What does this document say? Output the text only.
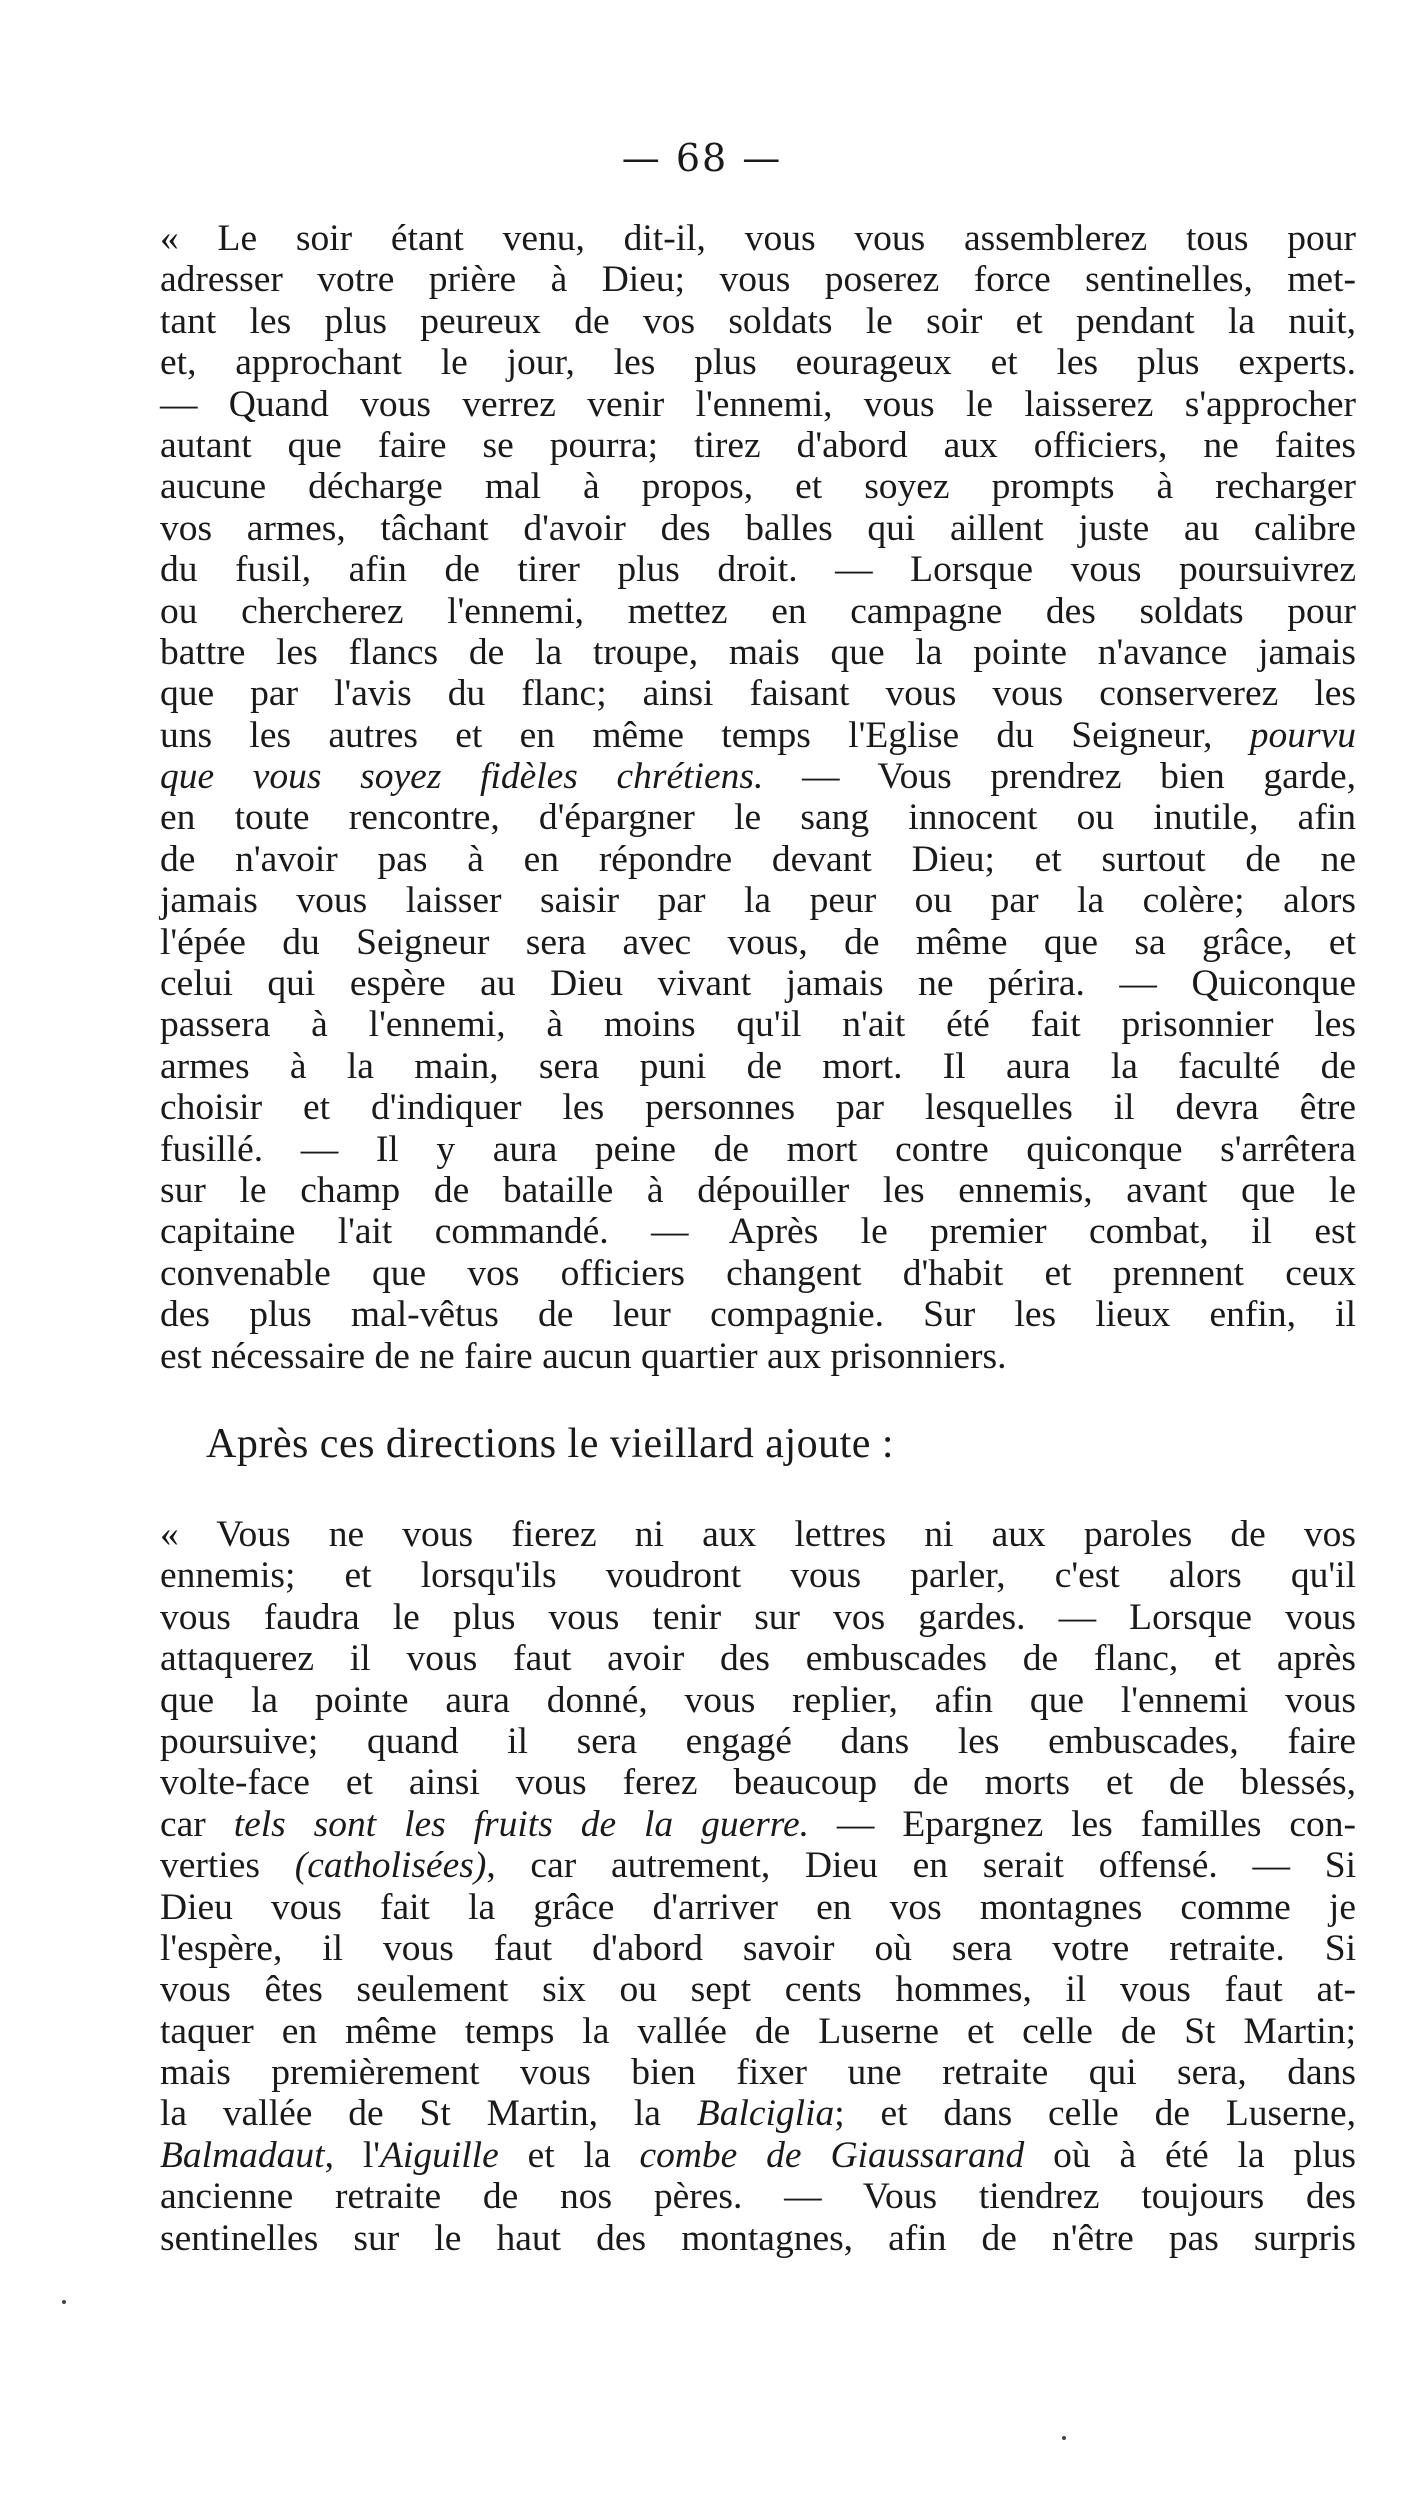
— 68 —
« Le soir étant venu, dit-il, vous vous assemblerez tous pour
adresser votre prière à Dieu; vous poserez force sentinelles, met-
tant les plus peureux de vos soldats le soir et pendant la nuit,
et, approchant le jour, les plus eourageux et les plus experts.
— Quand vous verrez venir l'ennemi, vous le laisserez s'approcher
autant que faire se pourra; tirez d'abord aux officiers, ne faites
aucune décharge mal à propos, et soyez prompts à recharger
vos armes, tâchant d'avoir des balles qui aillent juste au calibre
du fusil, afin de tirer plus droit. — Lorsque vous poursuivrez
ou chercherez l'ennemi, mettez en campagne des soldats pour
battre les flancs de la troupe, mais que la pointe n'avance jamais
que par l'avis du flanc; ainsi faisant vous vous conserverez les
uns les autres et en même temps l'Eglise du Seigneur, pourvu
que vous soyez fidèles chrétiens. — Vous prendrez bien garde,
en toute rencontre, d'épargner le sang innocent ou inutile, afin
de n'avoir pas à en répondre devant Dieu; et surtout de ne
jamais vous laisser saisir par la peur ou par la colère; alors
l'épée du Seigneur sera avec vous, de même que sa grâce, et
celui qui espère au Dieu vivant jamais ne périra. — Quiconque
passera à l'ennemi, à moins qu'il n'ait été fait prisonnier les
armes à la main, sera puni de mort. Il aura la faculté de
choisir et d'indiquer les personnes par lesquelles il devra être
fusillé. — Il y aura peine de mort contre quiconque s'arrêtera
sur le champ de bataille à dépouiller les ennemis, avant que le
capitaine l'ait commandé. — Après le premier combat, il est
convenable que vos officiers changent d'habit et prennent ceux
des plus mal-vêtus de leur compagnie. Sur les lieux enfin, il
est nécessaire de ne faire aucun quartier aux prisonniers.
Après ces directions le vieillard ajoute :
« Vous ne vous fierez ni aux lettres ni aux paroles de vos
ennemis; et lorsqu'ils voudront vous parler, c'est alors qu'il
vous faudra le plus vous tenir sur vos gardes. — Lorsque vous
attaquerez il vous faut avoir des embuscades de flanc, et après
que la pointe aura donné, vous replier, afin que l'ennemi vous
poursuive; quand il sera engagé dans les embuscades, faire
volte-face et ainsi vous ferez beaucoup de morts et de blessés,
car tels sont les fruits de la guerre. — Epargnez les familles con-
verties (catholisées), car autrement, Dieu en serait offensé. — Si
Dieu vous fait la grâce d'arriver en vos montagnes comme je
l'espère, il vous faut d'abord savoir où sera votre retraite. Si
vous êtes seulement six ou sept cents hommes, il vous faut at-
taquer en même temps la vallée de Luserne et celle de St Martin;
mais premièrement vous bien fixer une retraite qui sera, dans
la vallée de St Martin, la Balciglia; et dans celle de Luserne,
Balmadaut, l'Aiguille et la combe de Giaussarand où à été la plus
ancienne retraite de nos pères. — Vous tiendrez toujours des
sentinelles sur le haut des montagnes, afin de n'être pas surpris
